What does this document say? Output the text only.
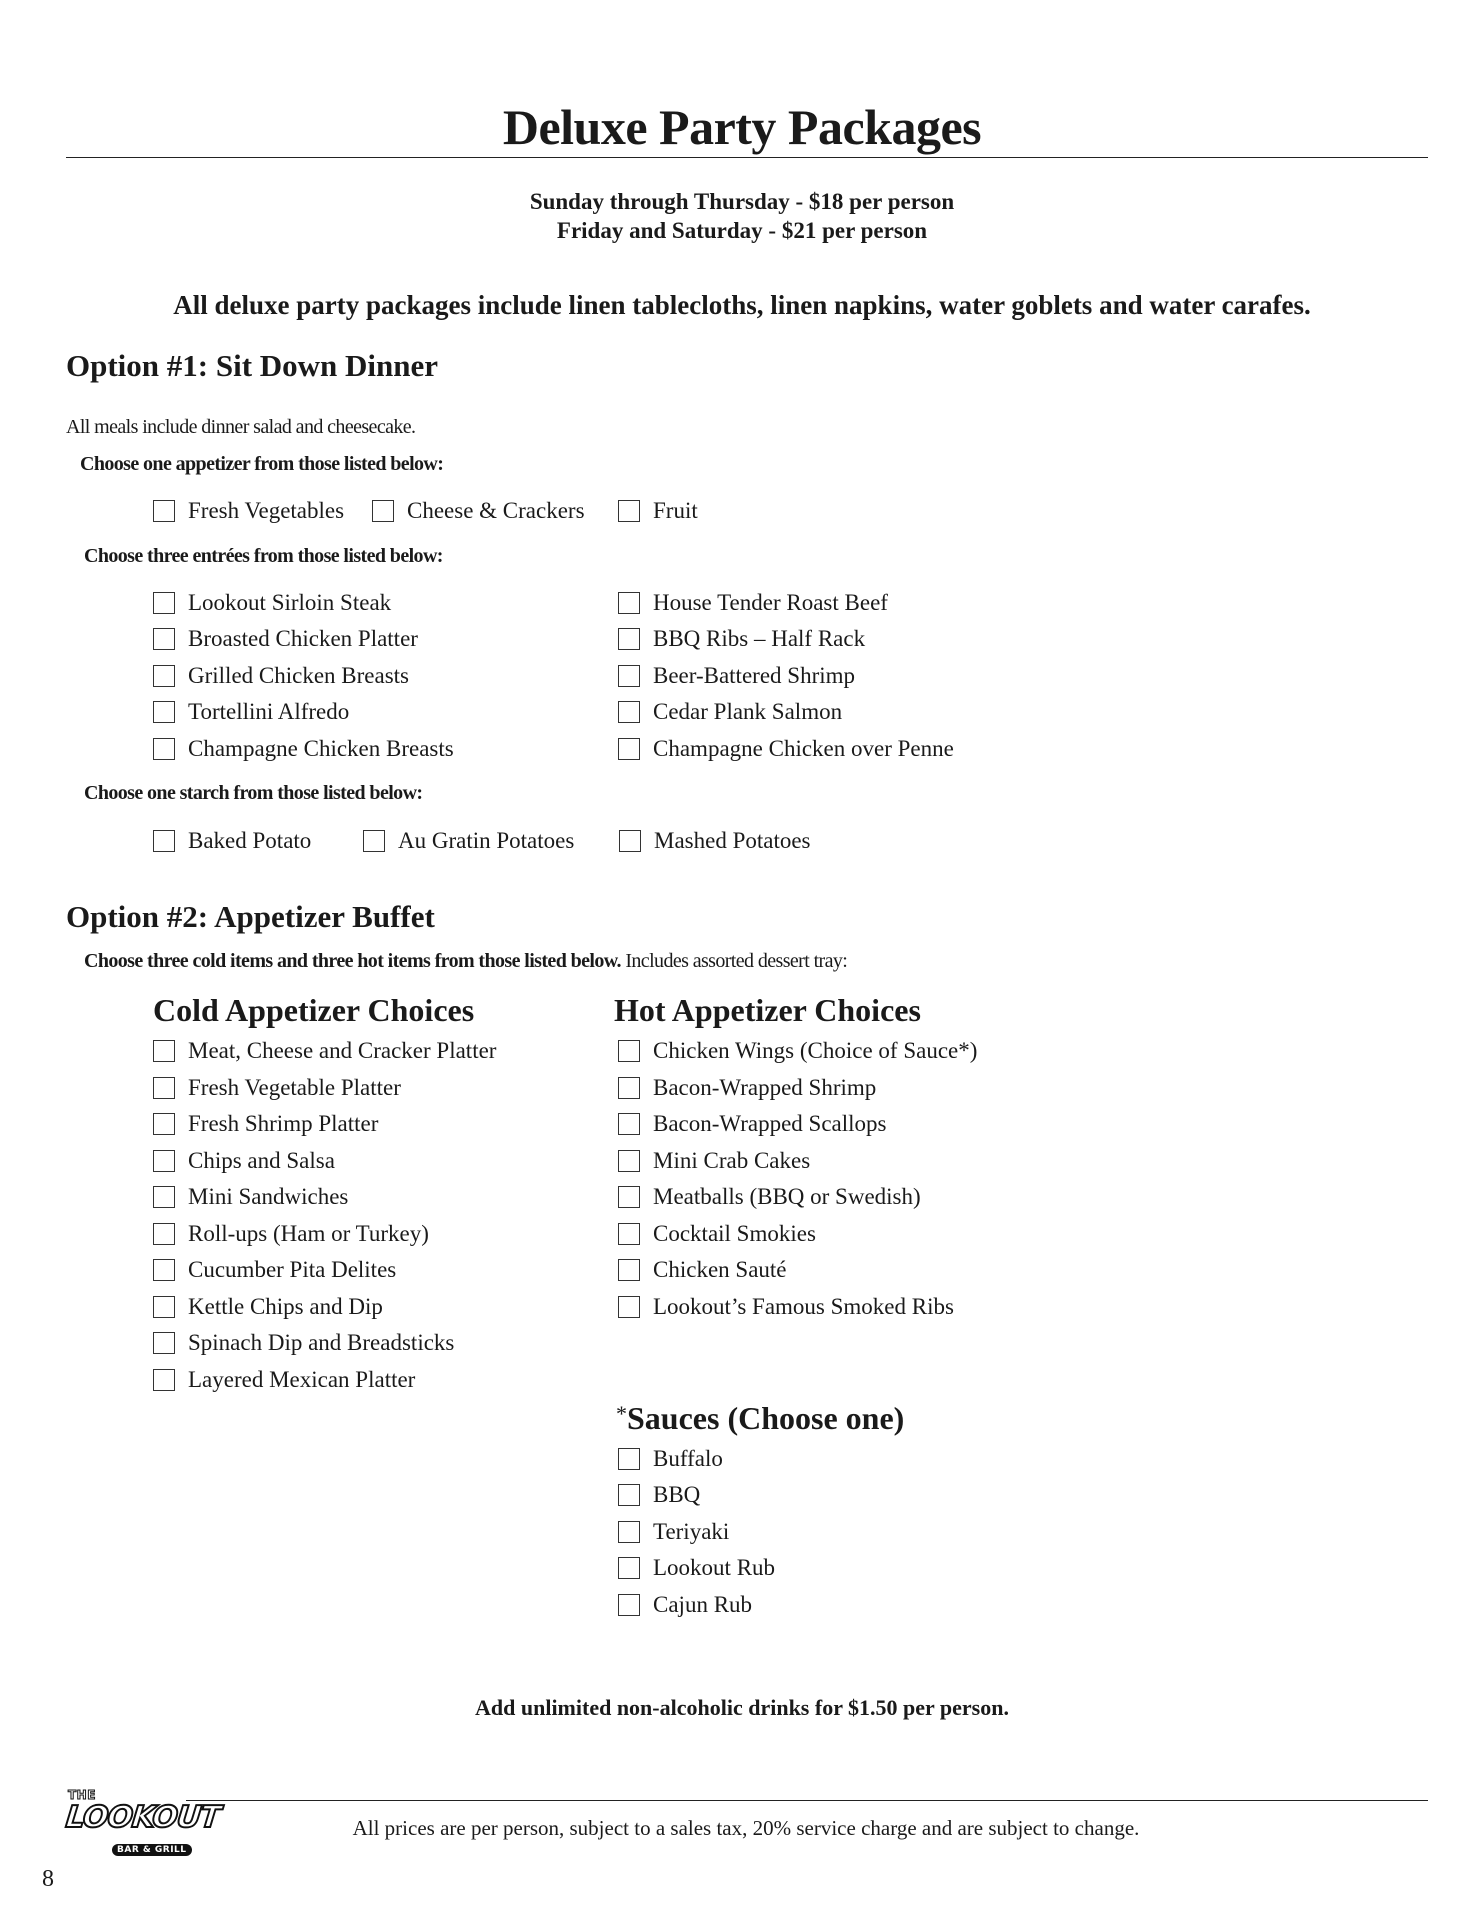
Deluxe Party Packages
Sunday through Thursday - $18 per person
Friday and Saturday - $21 per person
All deluxe party packages include linen tablecloths, linen napkins, water goblets and water carafes.
Option #1: Sit Down Dinner
All meals include dinner salad and cheesecake.
Choose one appetizer from those listed below:
Fresh Vegetables	Cheese & Crackers	Fruit
Choose three entrées from those listed below:
Lookout Sirloin Steak
Broasted Chicken Platter
Grilled Chicken Breasts
Tortellini Alfredo
Champagne Chicken Breasts
House Tender Roast Beef
BBQ Ribs – Half Rack
Beer-Battered Shrimp
Cedar Plank Salmon
Champagne Chicken over Penne
Choose one starch from those listed below:
Baked Potato	Au Gratin Potatoes	Mashed Potatoes
Option #2: Appetizer Buffet
Choose three cold items and three hot items from those listed below. Includes assorted dessert tray:
Cold Appetizer Choices	Hot Appetizer Choices
Meat, Cheese and Cracker Platter
Fresh Vegetable Platter
Fresh Shrimp Platter
Chips and Salsa
Mini Sandwiches
Roll-ups (Ham or Turkey)
Cucumber Pita Delites
Kettle Chips and Dip
Spinach Dip and Breadsticks
Layered Mexican Platter
Chicken Wings (Choice of Sauce*)
Bacon-Wrapped Shrimp
Bacon-Wrapped Scallops
Mini Crab Cakes
Meatballs (BBQ or Swedish)
Cocktail Smokies
Chicken Sauté
Lookout’s Famous Smoked Ribs
*Sauces (Choose one)
Buffalo
BBQ
Teriyaki
Lookout Rub
Cajun Rub
Add unlimited non-alcoholic drinks for $1.50 per person.
THE
LOOKOUT
BAR & GRILL
All prices are per person, subject to a sales tax, 20% service charge and are subject to change.
8
